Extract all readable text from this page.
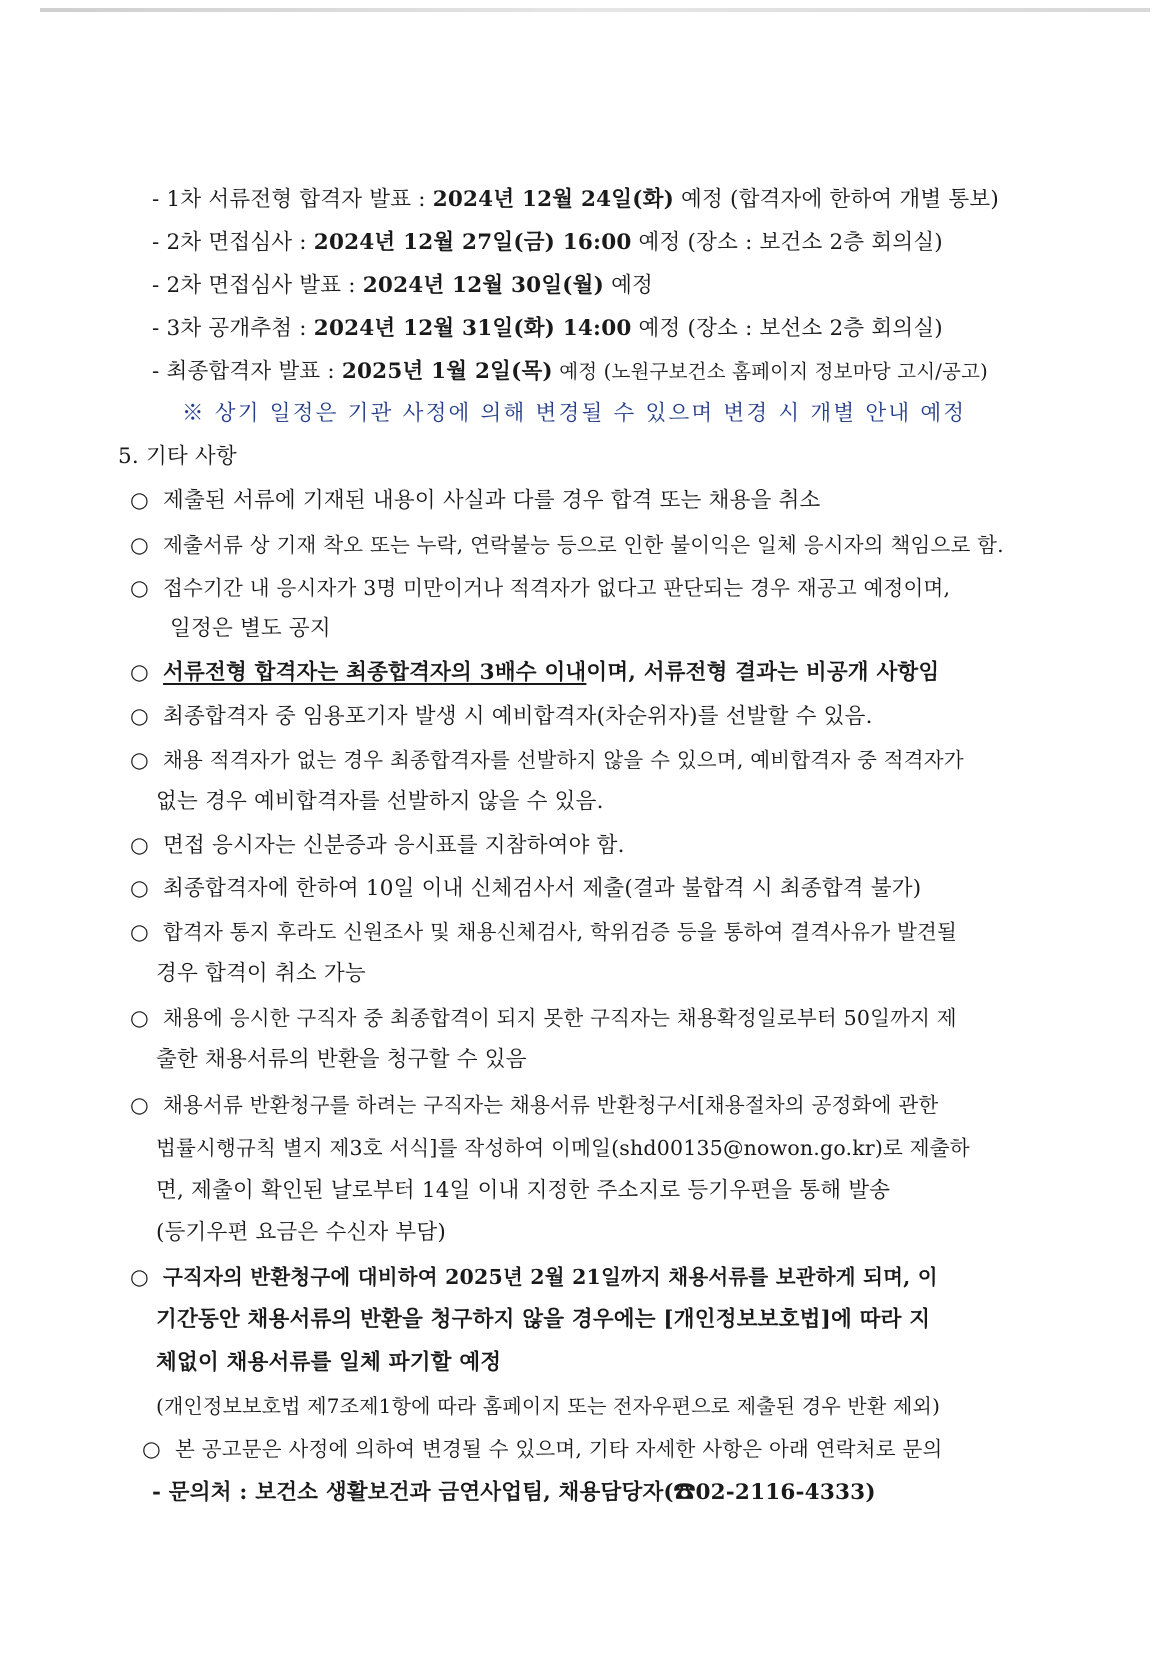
- 1차 서류전형 합격자 발표 : 2024년 12월 24일(화) 예정 (합격자에 한하여 개별 통보)
- 2차 면접심사 : 2024년 12월 27일(금) 16:00 예정 (장소 : 보건소 2층 회의실)
- 2차 면접심사 발표 : 2024년 12월 30일(월) 예정
- 3차 공개추첨 : 2024년 12월 31일(화) 14:00 예정 (장소 : 보선소 2층 회의실)
- 최종합격자 발표 : 2025년 1월 2일(목) 예정 (노원구보건소 홈페이지 정보마당 고시/공고)
※ 상기 일정은 기관 사정에 의해 변경될 수 있으며 변경 시 개별 안내 예정
5. 기타 사항
○ 제출된 서류에 기재된 내용이 사실과 다를 경우 합격 또는 채용을 취소
○ 제출서류 상 기재 착오 또는 누락, 연락불능 등으로 인한 불이익은 일체 응시자의 책임으로 함.
○ 접수기간 내 응시자가 3명 미만이거나 적격자가 없다고 판단되는 경우 재공고 예정이며,
일정은 별도 공지
○ 서류전형 합격자는 최종합격자의 3배수 이내이며, 서류전형 결과는 비공개 사항임
○ 최종합격자 중 임용포기자 발생 시 예비합격자(차순위자)를 선발할 수 있음.
○ 채용 적격자가 없는 경우 최종합격자를 선발하지 않을 수 있으며, 예비합격자 중 적격자가
없는 경우 예비합격자를 선발하지 않을 수 있음.
○ 면접 응시자는 신분증과 응시표를 지참하여야 함.
○ 최종합격자에 한하여 10일 이내 신체검사서 제출(결과 불합격 시 최종합격 불가)
○ 합격자 통지 후라도 신원조사 및 채용신체검사, 학위검증 등을 통하여 결격사유가 발견될
경우 합격이 취소 가능
○ 채용에 응시한 구직자 중 최종합격이 되지 못한 구직자는 채용확정일로부터 50일까지 제
출한 채용서류의 반환을 청구할 수 있음
○ 채용서류 반환청구를 하려는 구직자는 채용서류 반환청구서[채용절차의 공정화에 관한
법률시행규칙 별지 제3호 서식]를 작성하여 이메일(shd00135@nowon.go.kr)로 제출하
면, 제출이 확인된 날로부터 14일 이내 지정한 주소지로 등기우편을 통해 발송
(등기우편 요금은 수신자 부담)
○ 구직자의 반환청구에 대비하여 2025년 2월 21일까지 채용서류를 보관하게 되며, 이
기간동안 채용서류의 반환을 청구하지 않을 경우에는 [개인정보보호법]에 따라 지
체없이 채용서류를 일체 파기할 예정
(개인정보보호법 제7조제1항에 따라 홈페이지 또는 전자우편으로 제출된 경우 반환 제외)
○ 본 공고문은 사정에 의하여 변경될 수 있으며, 기타 자세한 사항은 아래 연락처로 문의
- 문의처 : 보건소 생활보건과 금연사업팀, 채용담당자(☎02-2116-4333)
